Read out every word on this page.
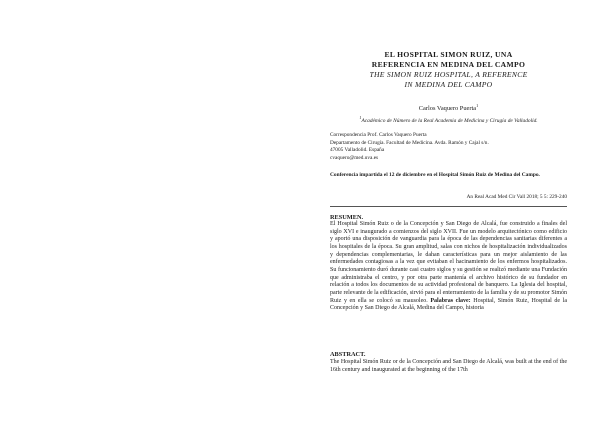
EL HOSPITAL SIMON RUIZ, UNA
REFERENCIA EN MEDINA DEL CAMPO
THE SIMON RUIZ HOSPITAL, A REFERENCE
IN MEDINA DEL CAMPO
Carlos Vaquero Puerta$^1$
$^1$Académico de Número de la Real Academia de Medicina y Cirugía de Valladolid.
Correspondencia Prof. Carlos Vaquero Puerta
Departamento de Cirugía. Facultad de Medicina. Avda. Ramón y Cajal s/n.
47005 Valladolid. España
cvaquero@med.uva.es
Conferencia impartida el 12 de diciembre en el Hospital Simón Ruiz de Medina del Campo.
An Real Acad Med Cir Vall 2018; 5 5: 229-240
RESUMEN.
El Hospital Simón Ruiz o de la Concepción y San Diego de Alcalá, fue construido a finales del siglo XVI e inaugurado a comienzos del siglo XVII. Fue un modelo arquitectónico como edificio y aportó una disposición de vanguardia para la época de las dependencias sanitarias diferentes a los hospitales de la época. Su gran amplitud, salas con nichos de hospitalización individualizados y dependencias complementarias, le dahan características para un mejor aislamiento de las enfermedades contagiosas a la vez que evitaban el hacinamiento de los enfermos hospitalizados. Su funcionamiento duró durante casi cuatro siglos y su gestión se realizó mediante una Fundación que administraba el centro, y por otra parte mantenía el archivo histórico de su fundador en relación a todos los documentos de su actividad profesional de banquero. La Iglesia del hospital, parte relevante de la edificación, sirvió para el enterramiento de la familia y de su promotor Simón Ruiz y en ella se colocó su mausoleo. Palabras clave: Hospital, Simón Ruiz, Hospital de la Concepción y San Diego de Alcalá, Medina del Campo, historia
ABSTRACT.
The Hospital Simón Ruiz or de la Concepción and San Diego de Alcalá, was built at the end of the 16th century and inaugurated at the beginning of the 17th
